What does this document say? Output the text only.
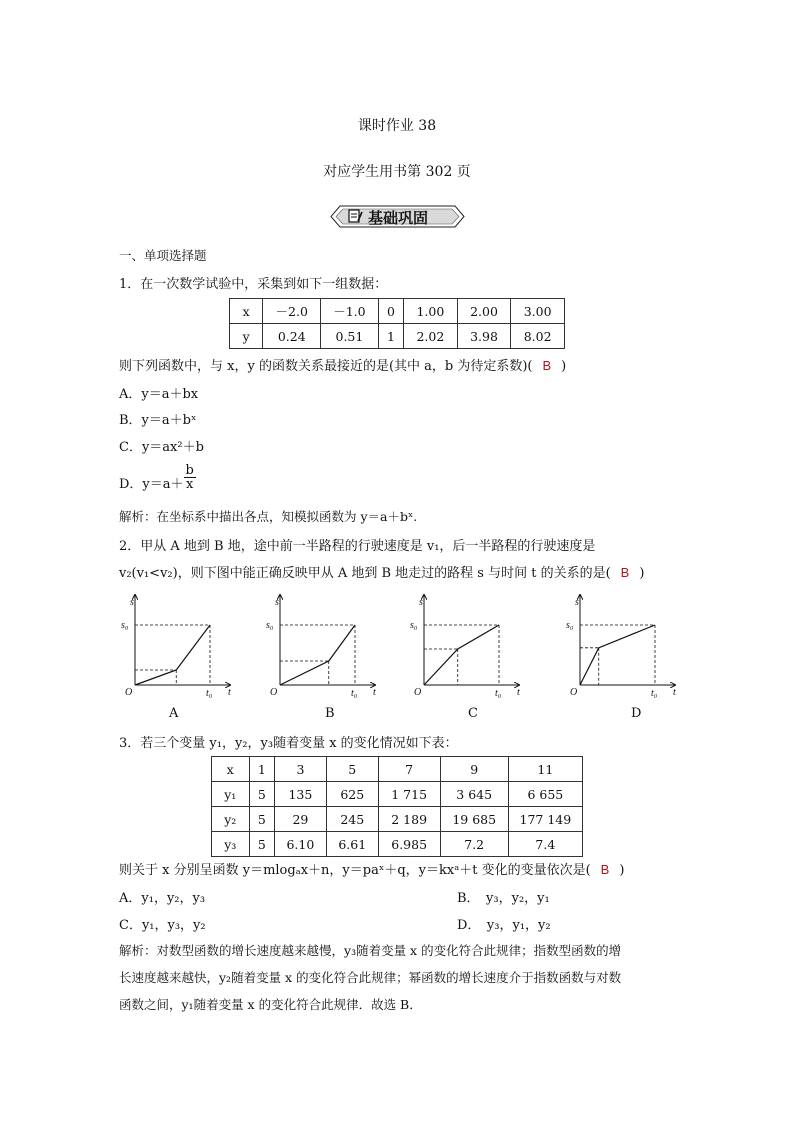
课时作业 38
对应学生用书第 302 页
基础巩固
一、单项选择题
1．在一次数学试验中，采集到如下一组数据：
x	－2.0	－1.0	0	1.00	2.00	3.00
y	0.24	0.51	1	2.02	3.98	8.02
则下列函数中，与 x，y 的函数关系最接近的是(其中 a，b 为待定系数)( B )
A．y＝a＋bx
B．y＝a＋bˣ
C．y＝ax²＋b
D．$y=a+ \frac{b}{x}$
解析：在坐标系中描出各点，知模拟函数为 y＝a＋bˣ.
2．甲从 A 地到 B 地，途中前一半路程的行驶速度是 v₁，后一半路程的行驶速度是
v₂(v₁<v₂)，则下图中能正确反映甲从 A 地到 B 地走过的路程 s 与时间 t 的关系的是( B )
s
s₀
O	t₀ t
s
s₀
O	t₀ t
s
s₀
O	t₀ t
s
s₀
O	t₀ t
A	B	C	D
3．若三个变量 y₁，y₂，y₃随着变量 x 的变化情况如下表：
x	1	3	5	7	9	11
y₁	5	135	625	1 715	3 645	6 655
y₂	5	29	245	2 189	19 685	177 149
y₃	5	6.10	6.61	6.985	7.2	7.4
则关于 x 分别呈函数 y＝mlogₐx＋n，y＝paˣ＋q，y＝kxᵃ＋t 变化的变量依次是( B )
A．y₁，y₂，y₃	B．　y₃，y₂，y₁
C．y₁，y₃，y₂	D．　y₃，y₁，y₂
解析：对数型函数的增长速度越来越慢，y₃随着变量 x 的变化符合此规律；指数型函数的增
长速度越来越快，y₂随着变量 x 的变化符合此规律；幂函数的增长速度介于指数函数与对数
函数之间，y₁随着变量 x 的变化符合此规律．故选 B．
